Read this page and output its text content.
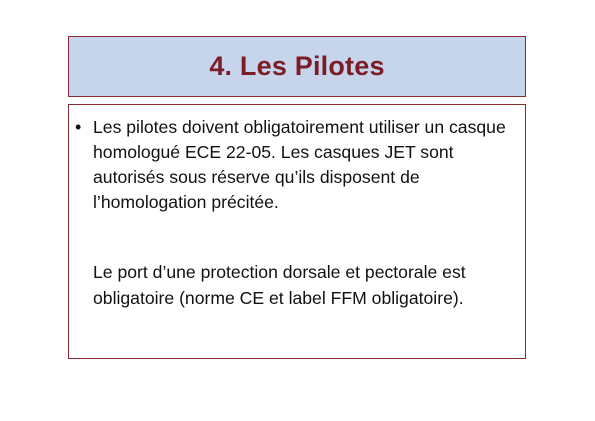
4. Les Pilotes
• Les pilotes doivent obligatoirement utiliser un casque homologué ECE 22-05. Les casques JET sont autorisés sous réserve qu’ils disposent de l’homologation précitée.

Le port d’une protection dorsale et pectorale est obligatoire (norme CE et label FFM obligatoire).
